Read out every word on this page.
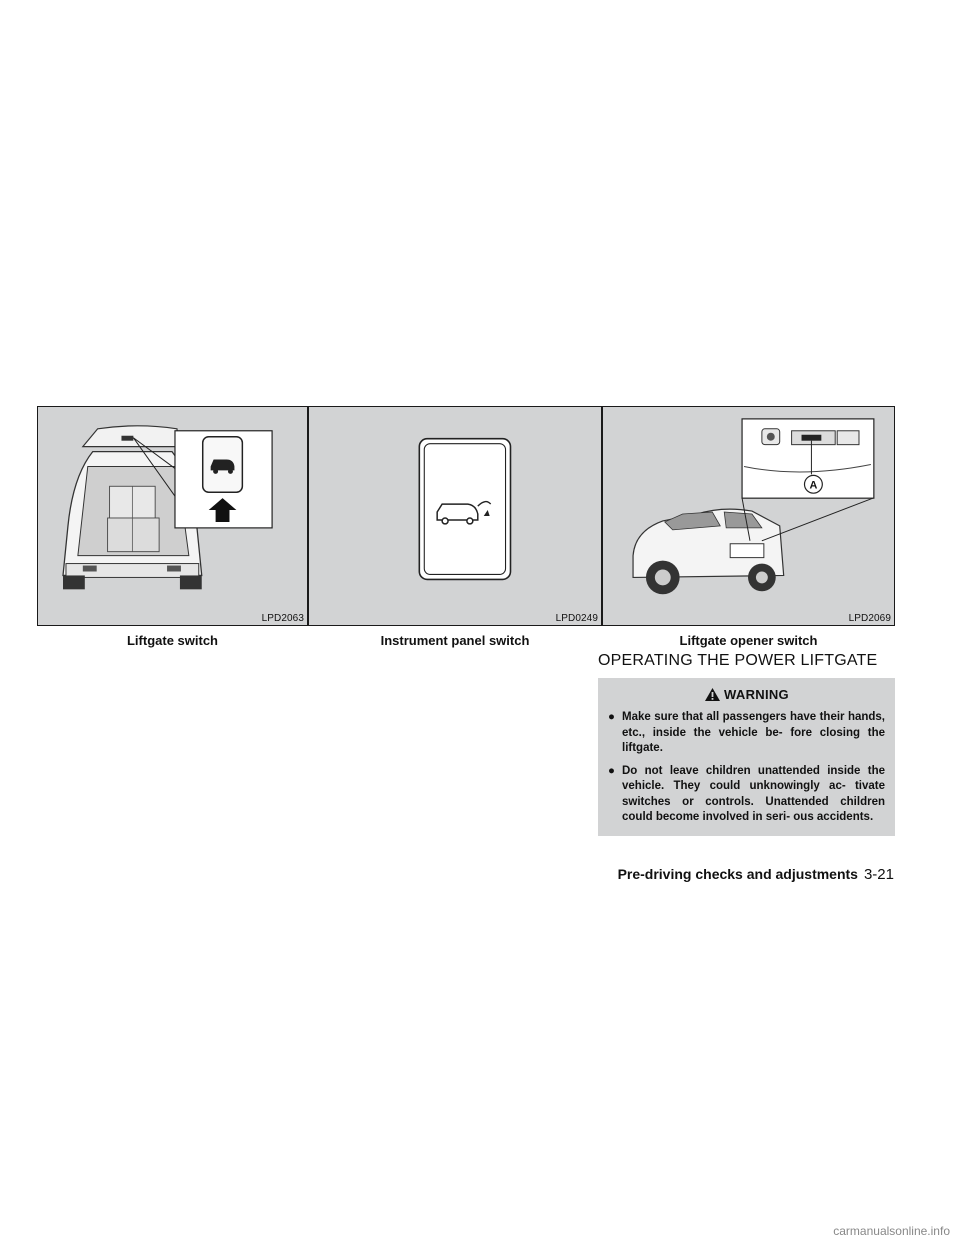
LPD2063	LPD0249
A
LPD2069
Liftgate switch	Instrument panel switch	Liftgate opener switch
OPERATING THE POWER LIFTGATE
WARNING
● Make sure that all passengers have their hands, etc., inside the vehicle be- fore closing the liftgate.
● Do not leave children unattended inside the vehicle. They could unknowingly ac- tivate switches or controls. Unattended children could become involved in seri- ous accidents.
Pre-driving checks and adjustments 3-21
carmanualsonline.info
